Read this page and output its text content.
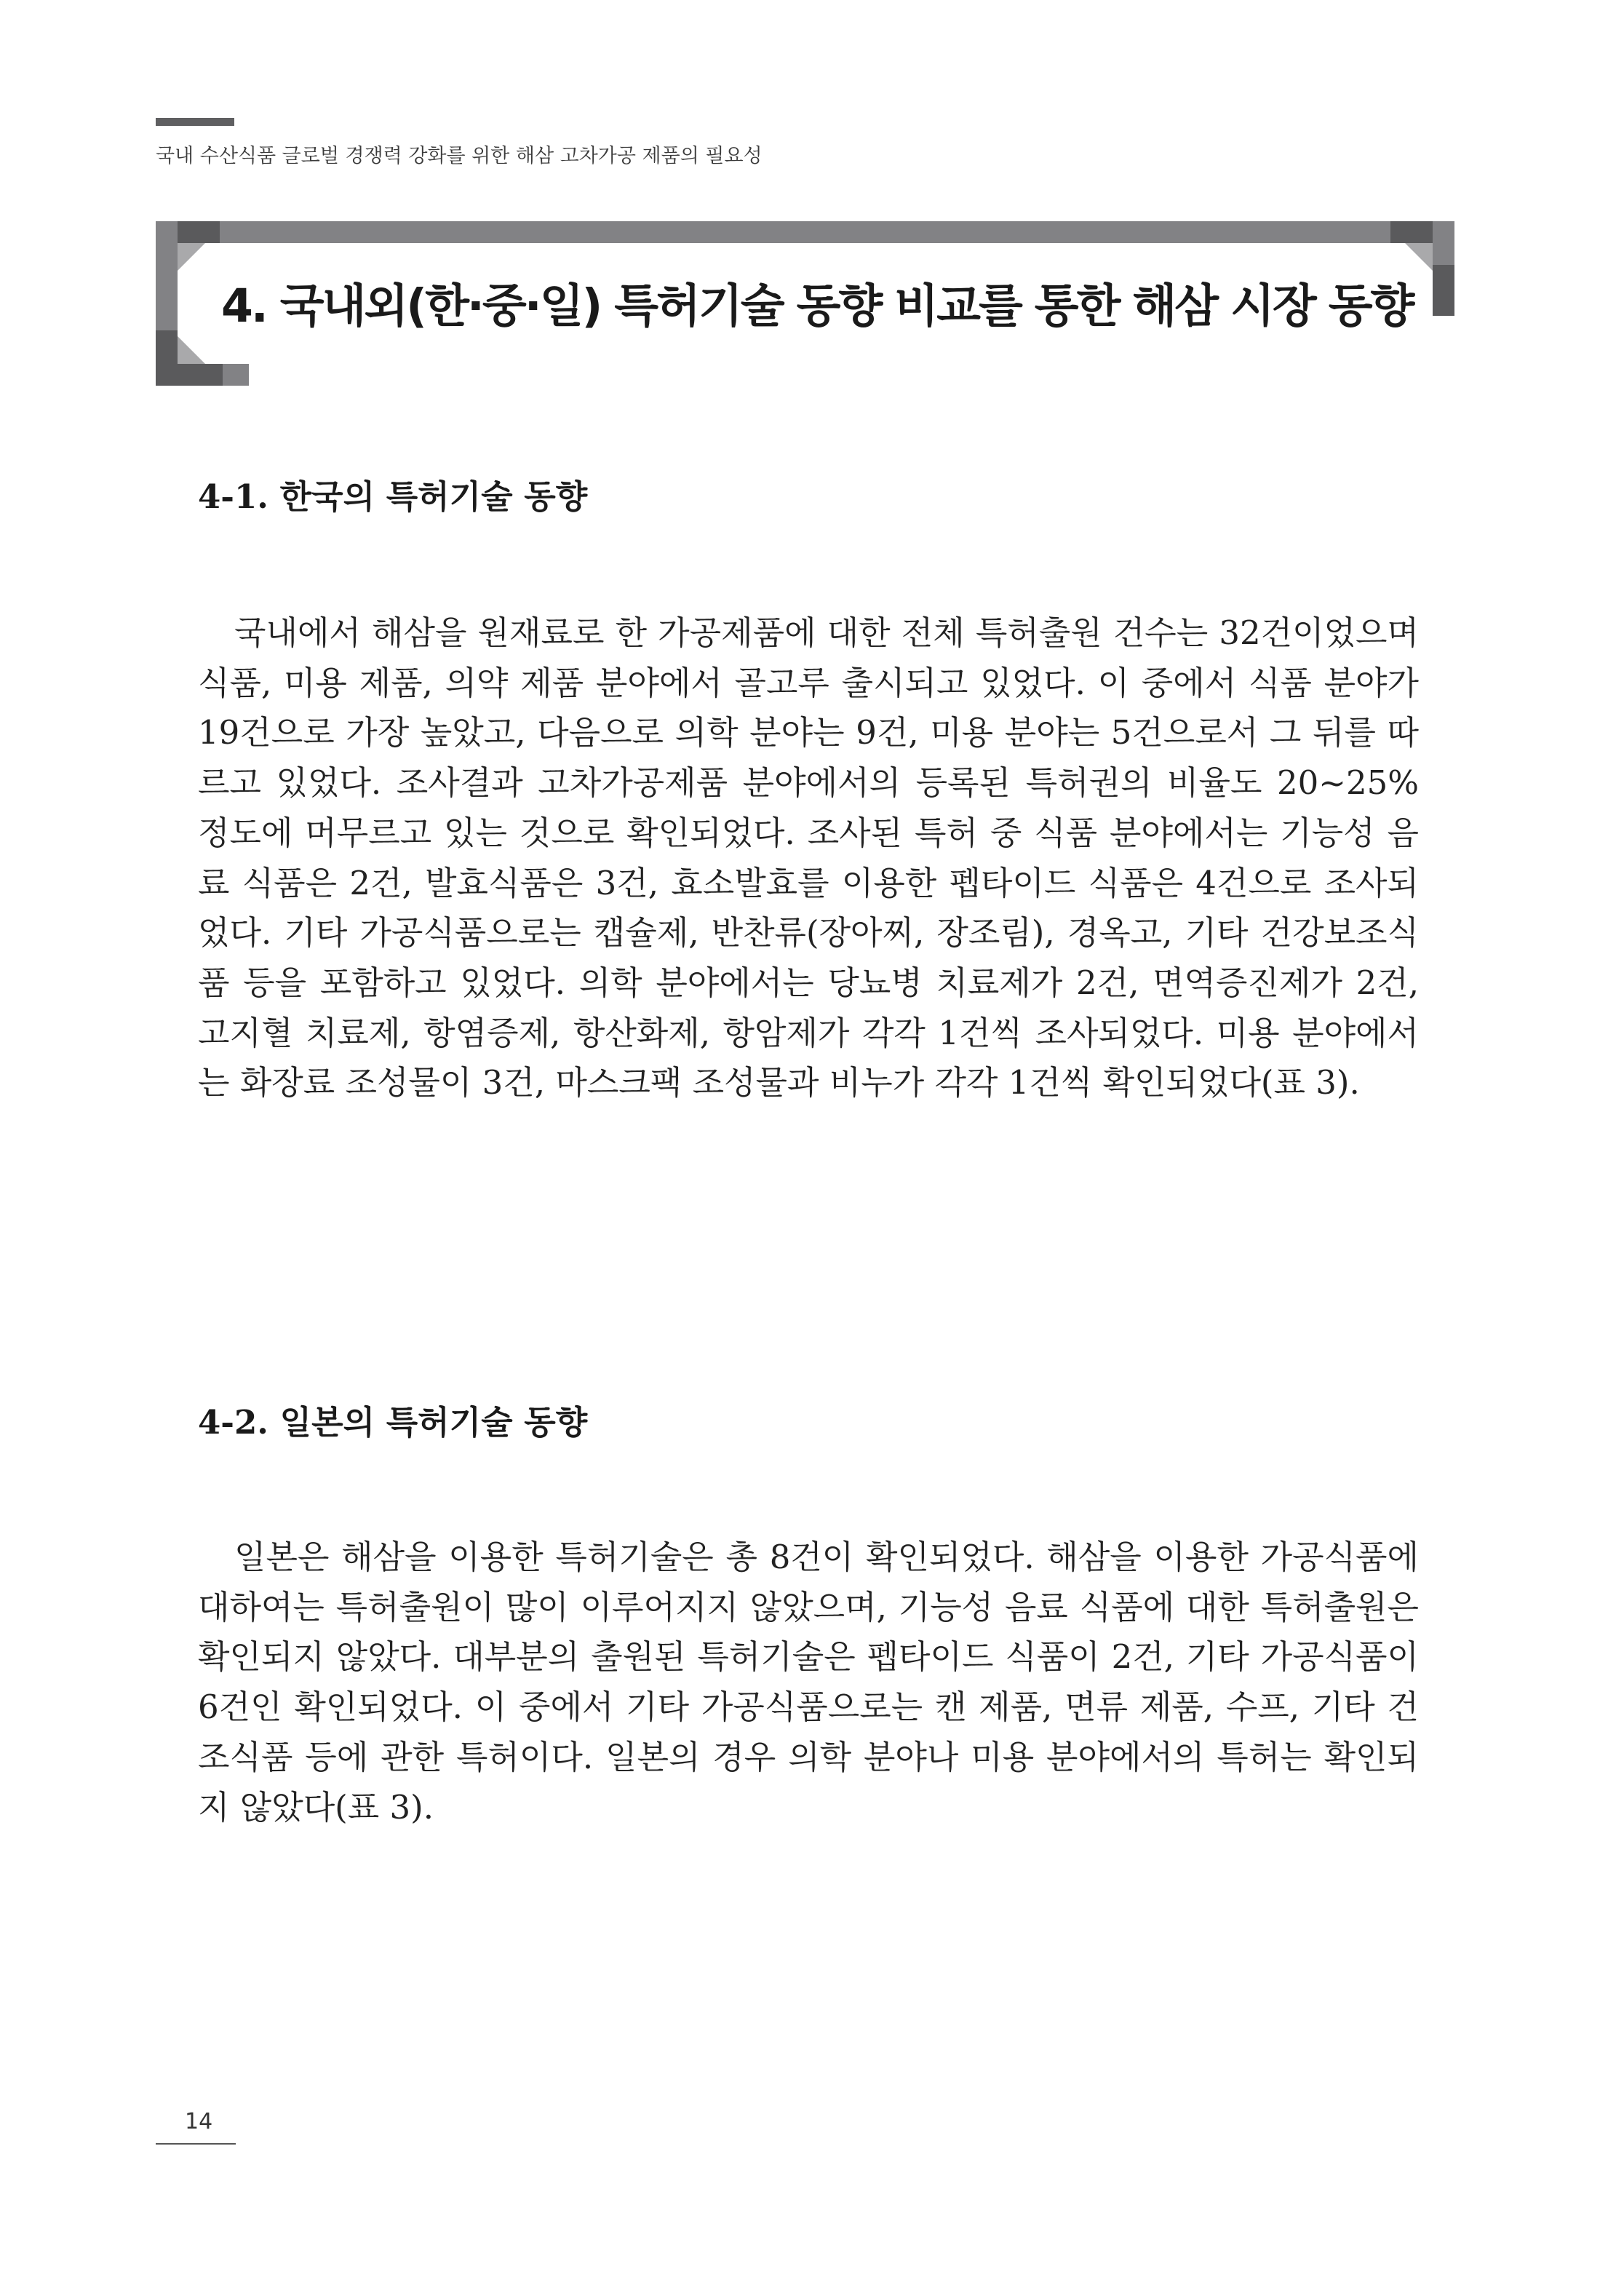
국내 수산식품 글로벌 경쟁력 강화를 위한 해삼 고차가공 제품의 필요성

4. 국내외(한·중·일) 특허기술 동향 비교를 통한 해삼 시장 동향
4-1. 한국의 특허기술 동향

국내에서 해삼을 원재료로 한 가공제품에 대한 전체 특허출원 건수는 32건이었으며 식품, 미용 제품, 의약 제품 분야에서 골고루 출시되고 있었다. 이 중에서 식품 분야가 19건으로 가장 높았고, 다음으로 의학 분야는 9건, 미용 분야는 5건으로서 그 뒤를 따르고 있었다. 조사결과 고차가공제품 분야에서의 등록된 특허권의 비율도 20~25% 정도에 머무르고 있는 것으로 확인되었다. 조사된 특허 중 식품 분야에서는 기능성 음료 식품은 2건, 발효식품은 3건, 효소발효를 이용한 펩타이드 식품은 4건으로 조사되었다. 기타 가공식품으로는 캡슐제, 반찬류(장아찌, 장조림), 경옥고, 기타 건강보조식품 등을 포함하고 있었다. 의학 분야에서는 당뇨병 치료제가 2건, 면역증진제가 2건, 고지혈 치료제, 항염증제, 항산화제, 항암제가 각각 1건씩 조사되었다. 미용 분야에서는 화장료 조성물이 3건, 마스크팩 조성물과 비누가 각각 1건씩 확인되었다(표 3).

4-2. 일본의 특허기술 동향

일본은 해삼을 이용한 특허기술은 총 8건이 확인되었다. 해삼을 이용한 가공식품에 대하여는 특허출원이 많이 이루어지지 않았으며, 기능성 음료 식품에 대한 특허출원은 확인되지 않았다. 대부분의 출원된 특허기술은 펩타이드 식품이 2건, 기타 가공식품이 6건인 확인되었다. 이 중에서 기타 가공식품으로는 캔 제품, 면류 제품, 수프, 기타 건조식품 등에 관한 특허이다. 일본의 경우 의학 분야나 미용 분야에서의 특허는 확인되지 않았다(표 3).

14
